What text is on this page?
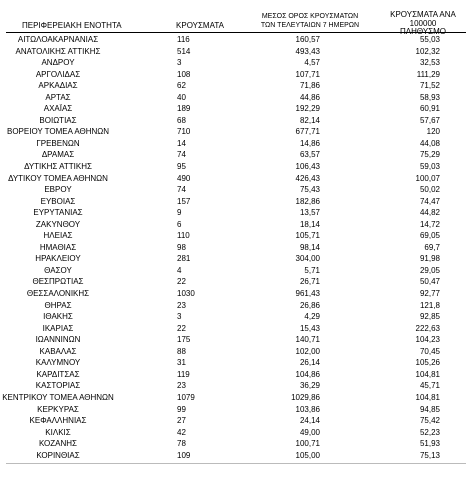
ΠΕΡΙΦΕΡΕΙΑΚΗ ΕΝΟΤΗΤΑ	ΚΡΟΥΣΜΑΤΑ
ΜΕΣΟΣ ΟΡΟΣ ΚΡΟΥΣΜΑΤΩΝ
ΤΩΝ ΤΕΛΕΥΤΑΙΩΝ 7 ΗΜΕΡΩΝ
ΚΡΟΥΣΜΑΤΑ ΑΝΑ 100000
ΠΛΗΘΥΣΜΟ
ΑΙΤΩΛΟΑΚΑΡΝΑΝΙΑΣ	116	160,57	55,03
ΑΝΑΤΟΛΙΚΗΣ ΑΤΤΙΚΗΣ	514	493,43	102,32
ΑΝΔΡΟΥ	3	4,57	32,53
ΑΡΓΟΛΙΔΑΣ	108	107,71	111,29
ΑΡΚΑΔΙΑΣ	62	71,86	71,52
ΑΡΤΑΣ	40	44,86	58,93
ΑΧΑΪΑΣ	189	192,29	60,91
ΒΟΙΩΤΙΑΣ	68	82,14	57,67
ΒΟΡΕΙΟΥ ΤΟΜΕΑ ΑΘΗΝΩΝ	710	677,71	120
ΓΡΕΒΕΝΩΝ	14	14,86	44,08
ΔΡΑΜΑΣ	74	63,57	75,29
ΔΥΤΙΚΗΣ ΑΤΤΙΚΗΣ	95	106,43	59,03
ΔΥΤΙΚΟΥ ΤΟΜΕΑ ΑΘΗΝΩΝ	490	426,43	100,07
ΕΒΡΟΥ	74	75,43	50,02
ΕΥΒΟΙΑΣ	157	182,86	74,47
ΕΥΡΥΤΑΝΙΑΣ	9	13,57	44,82
ΖΑΚΥΝΘΟΥ	6	18,14	14,72
ΗΛΕΙΑΣ	110	105,71	69,05
ΗΜΑΘΙΑΣ	98	98,14	69,7
ΗΡΑΚΛΕΙΟΥ	281	304,00	91,98
ΘΑΣΟΥ	4	5,71	29,05
ΘΕΣΠΡΩΤΙΑΣ	22	26,71	50,47
ΘΕΣΣΑΛΟΝΙΚΗΣ	1030	961,43	92,77
ΘΗΡΑΣ	23	26,86	121,8
ΙΘΑΚΗΣ	3	4,29	92,85
ΙΚΑΡΙΑΣ	22	15,43	222,63
ΙΩΑΝΝΙΝΩΝ	175	140,71	104,23
ΚΑΒΑΛΑΣ	88	102,00	70,45
ΚΑΛΥΜΝΟΥ	31	26,14	105,26
ΚΑΡΔΙΤΣΑΣ	119	104,86	104,81
ΚΑΣΤΟΡΙΑΣ	23	36,29	45,71
ΚΕΝΤΡΙΚΟΥ ΤΟΜΕΑ ΑΘΗΝΩΝ	1079	1029,86	104,81
ΚΕΡΚΥΡΑΣ	99	103,86	94,85
ΚΕΦΑΛΛΗΝΙΑΣ	27	24,14	75,42
ΚΙΛΚΙΣ	42	49,00	52,23
ΚΟΖΑΝΗΣ	78	100,71	51,93
ΚΟΡΙΝΘΙΑΣ	109	105,00	75,13
